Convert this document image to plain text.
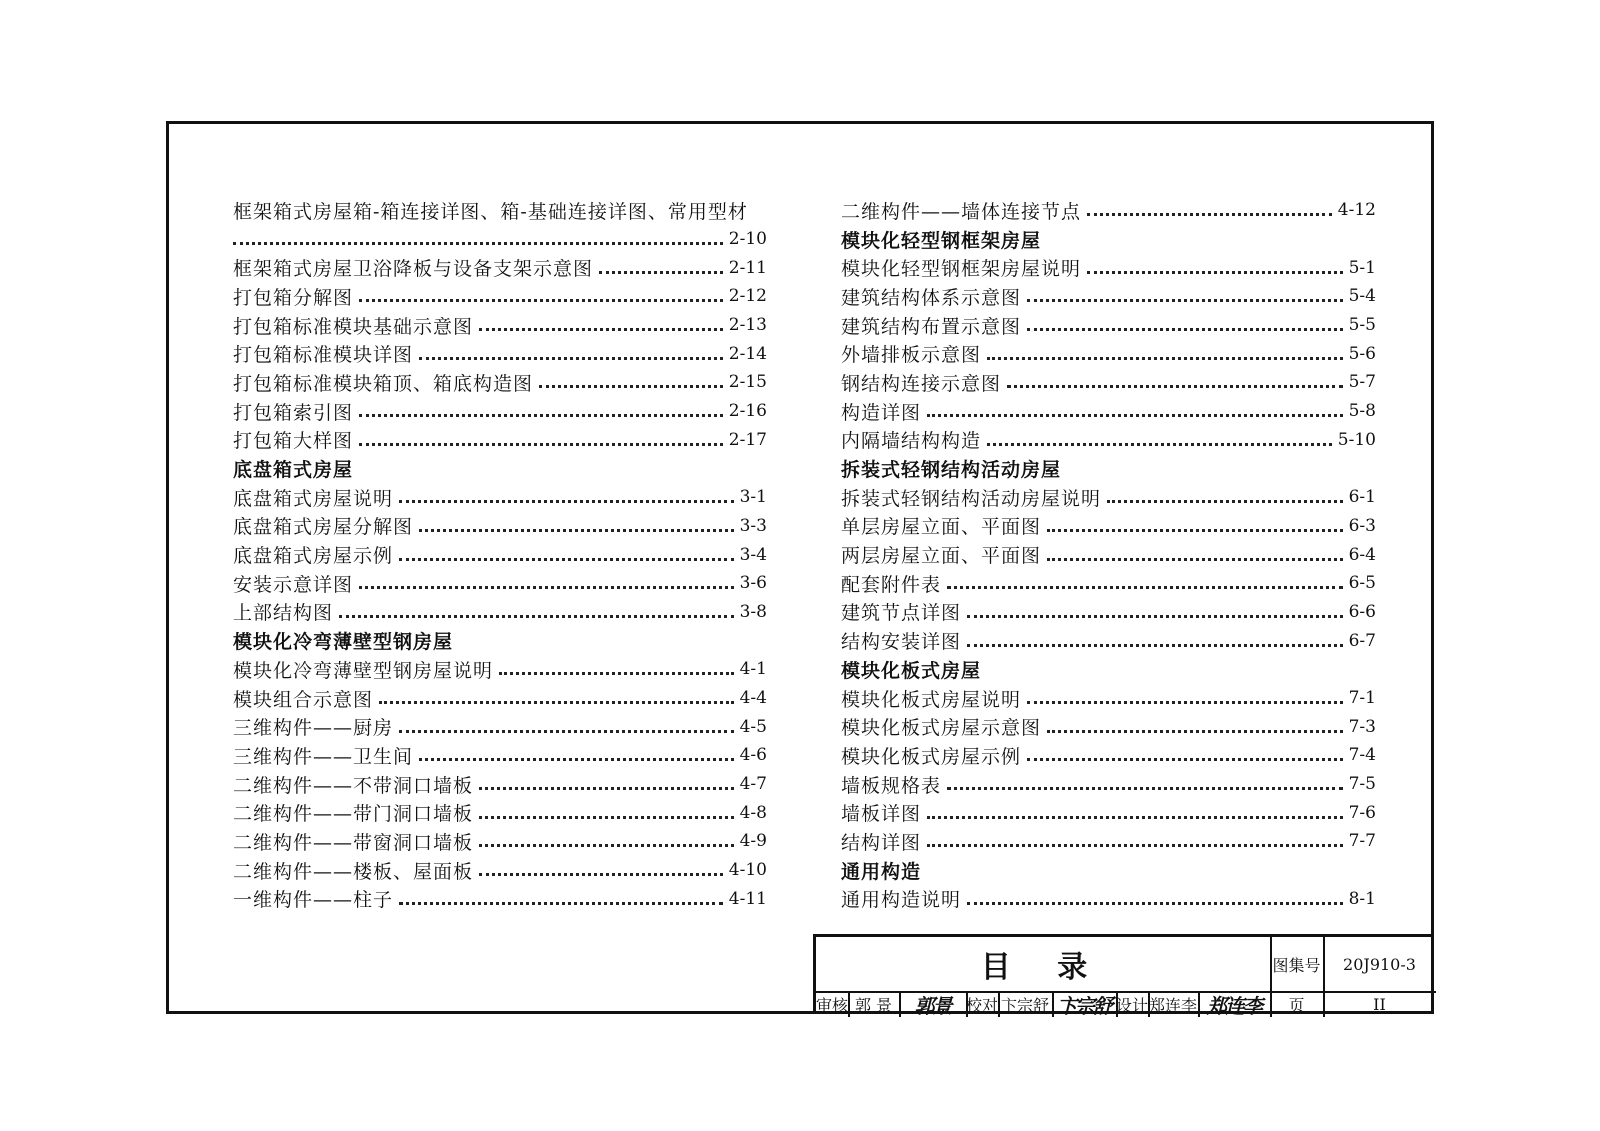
框架箱式房屋箱-箱连接详图、箱-基础连接详图、常用型材
2-10
框架箱式房屋卫浴降板与设备支架示意图	2-11
打包箱分解图	2-12
打包箱标准模块基础示意图	2-13
打包箱标准模块详图	2-14
打包箱标准模块箱顶、箱底构造图	2-15
打包箱索引图	2-16
打包箱大样图	2-17
底盘箱式房屋
底盘箱式房屋说明	3-1
底盘箱式房屋分解图	3-3
底盘箱式房屋示例	3-4
安装示意详图	3-6
上部结构图	3-8
模块化冷弯薄壁型钢房屋
模块化冷弯薄壁型钢房屋说明	4-1
模块组合示意图	4-4
三维构件——厨房	4-5
三维构件——卫生间	4-6
二维构件——不带洞口墙板	4-7
二维构件——带门洞口墙板	4-8
二维构件——带窗洞口墙板	4-9
二维构件——楼板、屋面板	4-10
一维构件——柱子	4-11
二维构件——墙体连接节点	4-12
模块化轻型钢框架房屋
模块化轻型钢框架房屋说明	5-1
建筑结构体系示意图	5-4
建筑结构布置示意图	5-5
外墙排板示意图	5-6
钢结构连接示意图	5-7
构造详图	5-8
内隔墙结构构造	5-10
拆装式轻钢结构活动房屋
拆装式轻钢结构活动房屋说明	6-1
单层房屋立面、平面图	6-3
两层房屋立面、平面图	6-4
配套附件表	6-5
建筑节点详图	6-6
结构安装详图	6-7
模块化板式房屋
模块化板式房屋说明	7-1
模块化板式房屋示意图	7-3
模块化板式房屋示例	7-4
墙板规格表	7-5
墙板详图	7-6
结构详图	7-7
通用构造
通用构造说明	8-1
目 录	图集号	20J910-3
审核 郭 景	郭景 校对 卞宗舒 卞宗舒 设计 郑连李 郑连李	页	II
